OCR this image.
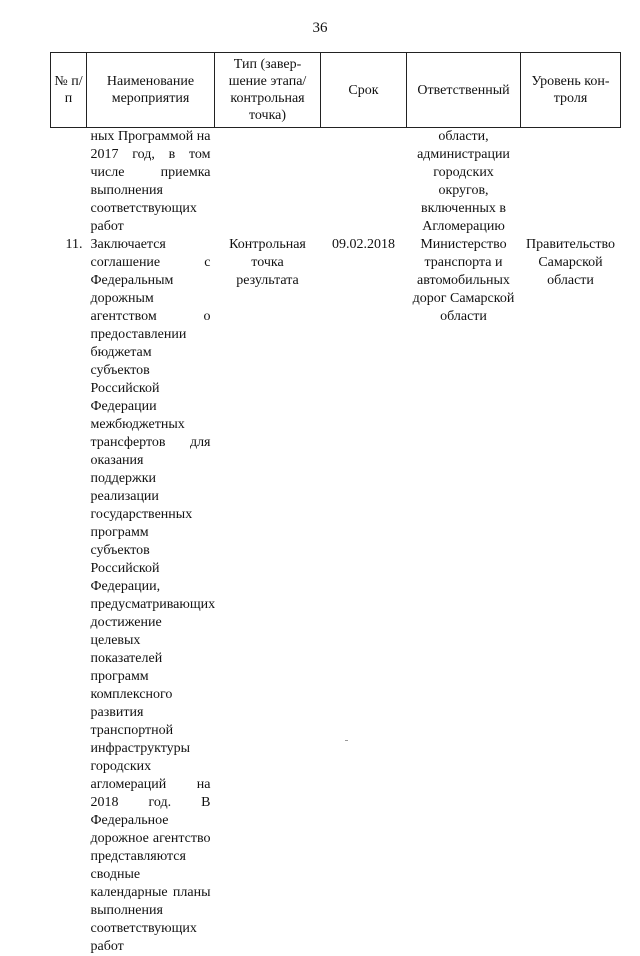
36
№ п/п	Наименование мероприятия	Тип (завер-шение этапа/ контрольная точка)	Срок	Ответственный	Уровень кон-троля
	ных Программой на 2017 год, в том числе приемка выполнения соответствующих работ			области, администрации городских округов, включенных в Агломерацию	
11.	Заключается соглашение с Федеральным дорожным агентством о предоставлении бюджетам субъектов Российской Федерации межбюджетных трансфертов для оказания поддержки реализации государственных программ субъектов Российской Федерации, предусматривающих достижение целевых показателей программ комплексного развития транспортной инфраструктуры городских агломераций на 2018 год. В Федеральное дорожное агентство представляются сводные календарные планы выполнения соответствующих работ	Контрольная точка результата	09.02.2018	Министерство транспорта и автомобильных дорог Самарской области	Правительство Самарской области
